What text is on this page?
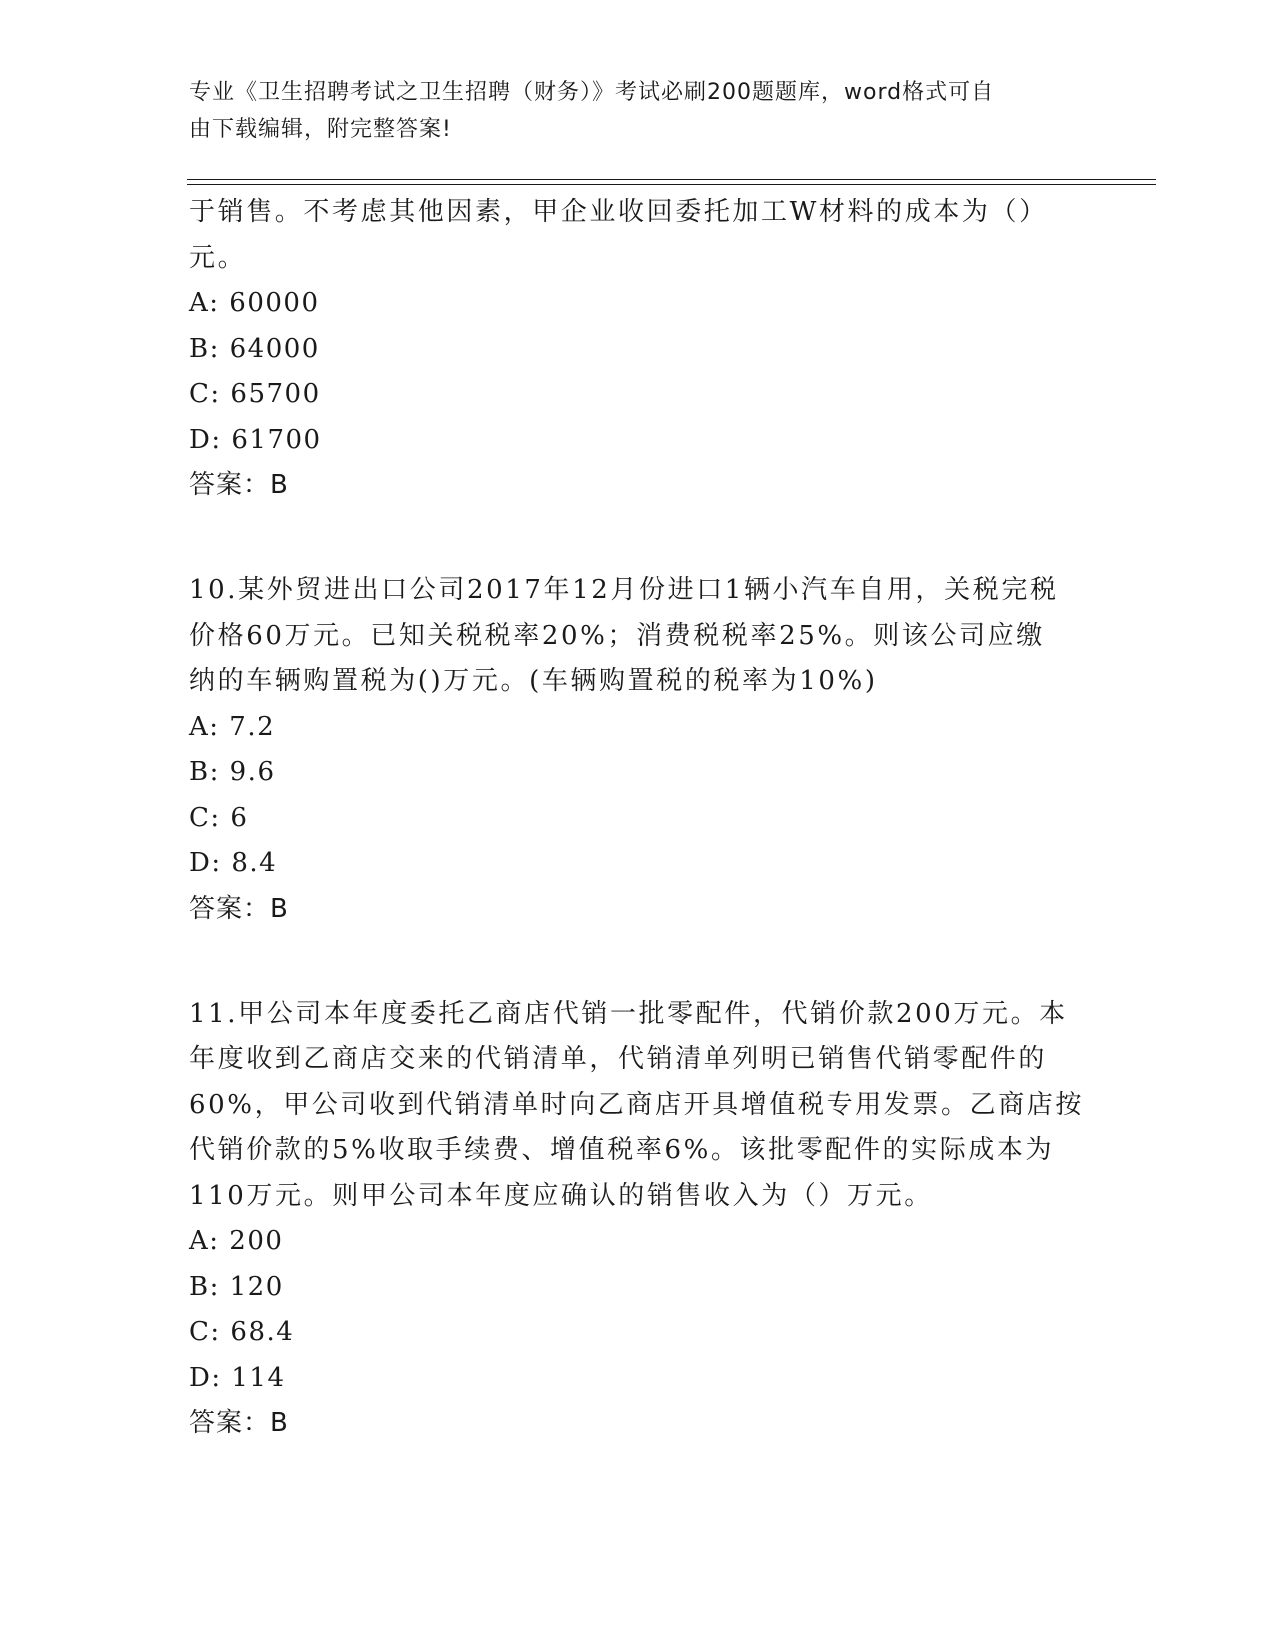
专业《卫生招聘考试之卫生招聘（财务）》考试必刷200题题库，word格式可自
由下载编辑，附完整答案!
于销售。不考虑其他因素，甲企业收回委托加工W材料的成本为（）
元。
A: 60000
B: 64000
C: 65700
D: 61700
答案：B
10.某外贸进出口公司2017年12月份进口1辆小汽车自用，关税完税
价格60万元。已知关税税率20%；消费税税率25%。则该公司应缴
纳的车辆购置税为()万元。(车辆购置税的税率为10%)
A: 7.2
B: 9.6
C: 6
D: 8.4
答案：B
11.甲公司本年度委托乙商店代销一批零配件，代销价款200万元。本
年度收到乙商店交来的代销清单，代销清单列明已销售代销零配件的
60%，甲公司收到代销清单时向乙商店开具增值税专用发票。乙商店按
代销价款的5%收取手续费、增值税率6%。该批零配件的实际成本为
110万元。则甲公司本年度应确认的销售收入为（）万元。
A: 200
B: 120
C: 68.4
D: 114
答案：B
